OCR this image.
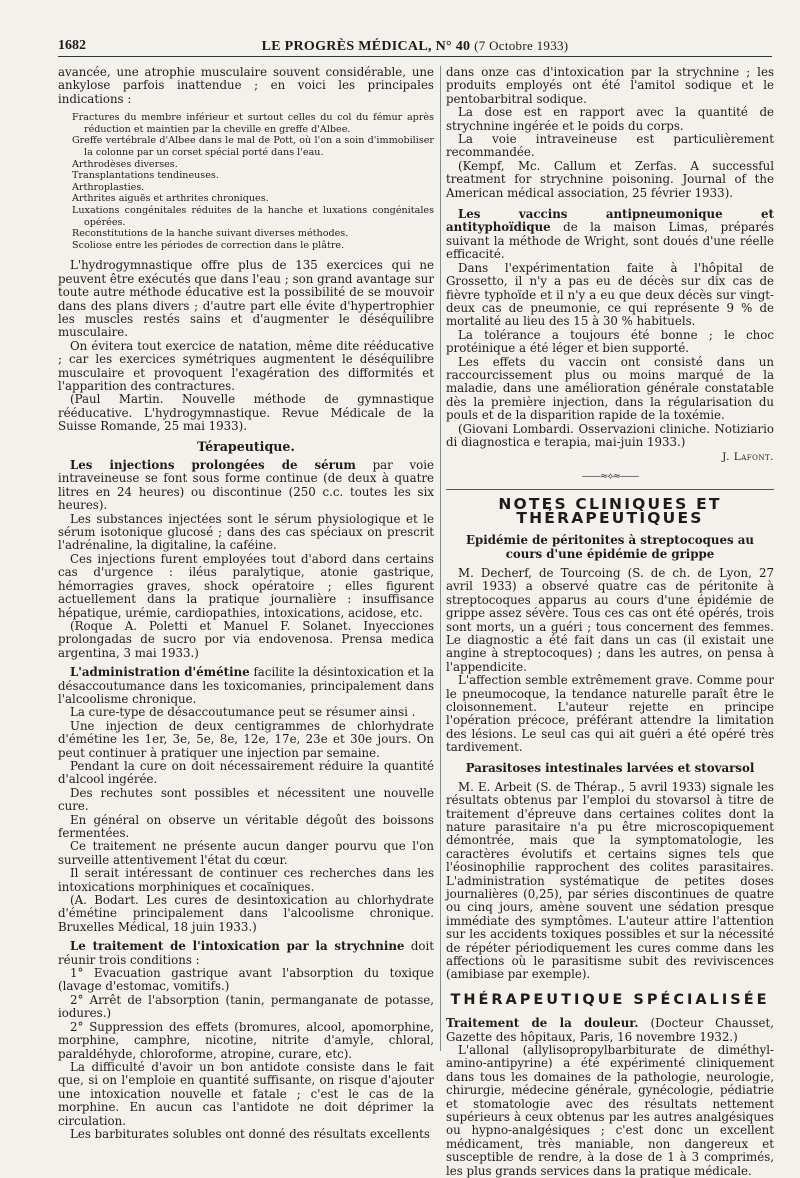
1682	LE PROGRÈS MÉDICAL, N° 40 (7 Octobre 1933)

avancée, une atrophie musculaire souvent considérable, une ankylose parfois inattendue ; en voici les principales indications :

Fractures du membre inférieur et surtout celles du col du fémur après réduction et maintien par la cheville en greffe d'Albee.

Greffe vertébrale d'Albee dans le mal de Pott, où l'on a soin d'immobiliser la colonne par un corset spécial porté dans l'eau.

Arthrodèses diverses.

Transplantations tendineuses.

Arthroplasties.

Arthrites aiguës et arthrites chroniques.

Luxations congénitales réduites de la hanche et luxations congénitales opérées.

Reconstitutions de la hanche suivant diverses méthodes.

Scoliose entre les périodes de correction dans le plâtre.

L'hydrogymnastique offre plus de 135 exercices qui ne peuvent être exécutés que dans l'eau ; son grand avantage sur toute autre méthode éducative est la possibilité de se mouvoir dans des plans divers ; d'autre part elle évite d'hypertrophier les muscles restés sains et d'augmenter le déséquilibre musculaire.

On évitera tout exercice de natation, même dite rééducative ; car les exercices symétriques augmentent le déséquilibre musculaire et provoquent l'exagération des difformités et l'apparition des contractures.

(Paul Martin. Nouvelle méthode de gymnastique rééducative. L'hydrogymnastique. Revue Médicale de la Suisse Romande, 25 mai 1933).

Térapeutique.

Les injections prolongées de sérum par voie intraveineuse se font sous forme continue (de deux à quatre litres en 24 heures) ou discontinue (250 c.c. toutes les six heures).

Les substances injectées sont le sérum physiologique et le sérum isotonique glucosé ; dans des cas spéciaux on prescrit l'adrénaline, la digitaline, la caféine.

Ces injections furent employées tout d'abord dans certains cas d'urgence : iléus paralytique, atonie gastrique, hémorragies graves, shock opératoire ; elles figurent actuellement dans la pratique journalière : insuffisance hépatique, urémie, cardiopathies, intoxications, acidose, etc.

(Roque A. Poletti et Manuel F. Solanet. Inyecciones prolongadas de sucro por via endovenosa. Prensa medica argentina, 3 mai 1933.)

L'administration d'émétine facilite la désintoxication et la désaccoutumance dans les toxicomanies, principalement dans l'alcoolisme chronique.

La cure-type de désaccoutumance peut se résumer ainsi .

Une injection de deux centigrammes de chlorhydrate d'émétine les 1er, 3e, 5e, 8e, 12e, 17e, 23e et 30e jours. On peut continuer à pratiquer une injection par semaine.

Pendant la cure on doit nécessairement réduire la quantité d'alcool ingérée.

Des rechutes sont possibles et nécessitent une nouvelle cure.

En général on observe un véritable dégoût des boissons fermentées.

Ce traitement ne présente aucun danger pourvu que l'on surveille attentivement l'état du cœur.

Il serait intéressant de continuer ces recherches dans les intoxications morphiniques et cocaïniques.

(A. Bodart. Les cures de desintoxication au chlorhydrate d'émétine principalement dans l'alcoolisme chronique. Bruxelles Médical, 18 juin 1933.)

Le traitement de l'intoxication par la strychnine doit réunir trois conditions :

1° Evacuation gastrique avant l'absorption du toxique (lavage d'estomac, vomitifs.)

2° Arrêt de l'absorption (tanin, permanganate de potasse, iodures.)

2° Suppression des effets (bromures, alcool, apomorphine, morphine, camphre, nicotine, nitrite d'amyle, chloral, paraldéhyde, chloroforme, atropine, curare, etc).

La difficulté d'avoir un bon antidote consiste dans le fait que, si on l'emploie en quantité suffisante, on risque d'ajouter une intoxication nouvelle et fatale ; c'est le cas de la morphine. En aucun cas l'antidote ne doit déprimer la circulation.

Les barbiturates solubles ont donné des résultats excellents

dans onze cas d'intoxication par la strychnine ; les produits employés ont été l'amitol sodique et le pentobarbitral sodique.

La dose est en rapport avec la quantité de strychnine ingérée et le poids du corps.

La voie intraveineuse est particulièrement recommandée.

(Kempf, Mc. Callum et Zerfas. A successful treatment for strychnine poisoning. Journal of the American médical association, 25 février 1933).

Les vaccins antipneumonique et antityphoïdique de la maison Limas, préparés suivant la méthode de Wright, sont doués d'une réelle efficacité.

Dans l'expérimentation faite à l'hôpital de Grossetto, il n'y a pas eu de décès sur dix cas de fièvre typhoïde et il n'y a eu que deux décès sur vingt-deux cas de pneumonie, ce qui représente 9 % de mortalité au lieu des 15 à 30 % habituels.

La tolérance a toujours été bonne ; le choc protéinique a été léger et bien supporté.

Les effets du vaccin ont consisté dans un raccourcissement plus ou moins marqué de la maladie, dans une amélioration générale constatable dès la première injection, dans la régularisation du pouls et de la disparition rapide de la toxémie.

(Giovani Lombardi. Osservazioni cliniche. Notiziario di diagnostica e terapia, mai-juin 1933.)

J. Lafont.
——≈⟡≈——
NOTES CLINIQUES ET THÉRAPEUTIQUES
Epidémie de péritonites à streptocoques au cours d'une épidémie de grippe

M. Decherf, de Tourcoing (S. de ch. de Lyon, 27 avril 1933) a observé quatre cas de péritonite à streptocoques apparus au cours d'une épidémie de grippe assez sévère. Tous ces cas ont été opérés, trois sont morts, un a guéri ; tous concernent des femmes. Le diagnostic a été fait dans un cas (il existait une angine à streptocoques) ; dans les autres, on pensa à l'appendicite.

L'affection semble extrêmement grave. Comme pour le pneumocoque, la tendance naturelle paraît être le cloisonnement. L'auteur rejette en principe l'opération précoce, préférant attendre la limitation des lésions. Le seul cas qui ait guéri a été opéré très tardivement.

Parasitoses intestinales larvées et stovarsol

M. E. Arbeit (S. de Thérap., 5 avril 1933) signale les résultats obtenus par l'emploi du stovarsol à titre de traitement d'épreuve dans certaines colites dont la nature parasitaire n'a pu être microscopiquement démontrée, mais que la symptomatologie, les caractères évolutifs et certains signes tels que l'éosinophilie rapprochent des colites parasitaires. L'administration systématique de petites doses journalières (0,25), par séries discontinues de quatre ou cinq jours, amène souvent une sédation presque immédiate des symptômes. L'auteur attire l'attention sur les accidents toxiques possibles et sur la nécessité de répéter périodiquement les cures comme dans les affections où le parasitisme subit des reviviscences (amibiase par exemple).

THÉRAPEUTIQUE SPÉCIALISÉE

Traitement de la douleur. (Docteur Chausset, Gazette des hôpitaux, Paris, 16 novembre 1932.)

L'allonal (allylisopropylbarbiturate de diméthyl-amino-antipyrine) a été expérimenté cliniquement dans tous les domaines de la pathologie, neurologie, chirurgie, médecine générale, gynécologie, pédiatrie et stomatologie avec des résultats nettement supérieurs à ceux obtenus par les autres analgésiques ou hypno-analgésiques ; c'est donc un excellent médicament, très maniable, non dangereux et susceptible de rendre, à la dose de 1 à 3 comprimés, les plus grands services dans la pratique médicale.
